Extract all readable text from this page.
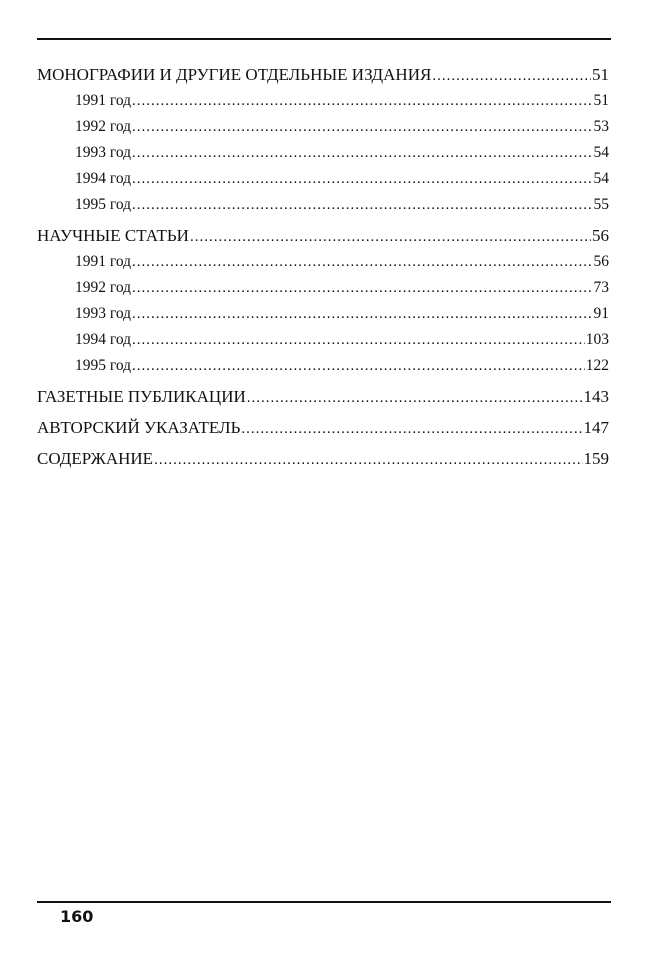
МОНОГРАФИИ И ДРУГИЕ ОТДЕЛЬНЫЕ ИЗДАНИЯ .....	51
1991 год .....	51
1992 год .....	53
1993 год .....	54
1994 год .....	54
1995 год .....	55
НАУЧНЫЕ СТАТЬИ .....	56
1991 год .....	56
1992 год .....	73
1993 год .....	91
1994 год .....	103
1995 год .....	122
ГАЗЕТНЫЕ ПУБЛИКАЦИИ .....	143
АВТОРСКИЙ УКАЗАТЕЛЬ .....	147
СОДЕРЖАНИЕ .....	159
160
